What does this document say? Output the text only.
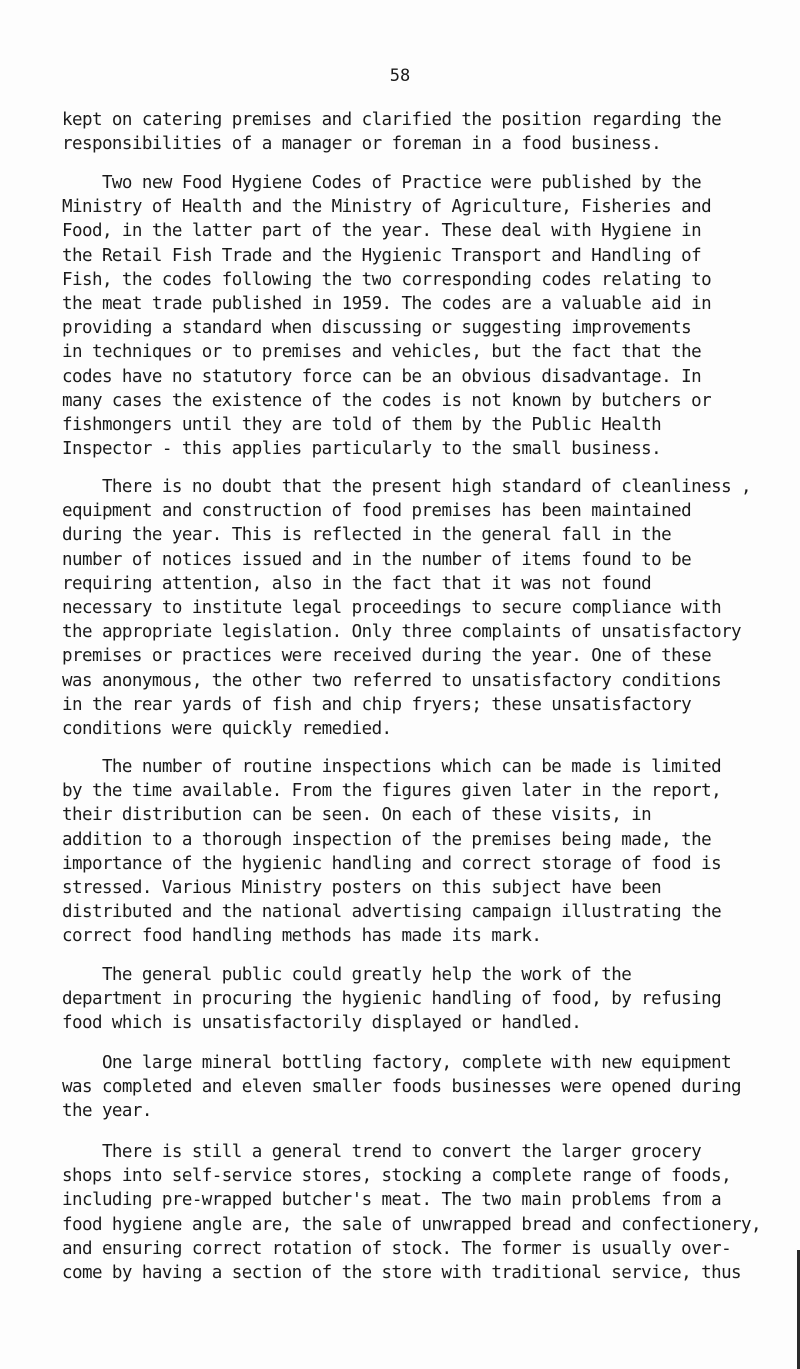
58
kept on catering premises and clarified the position regarding the
responsibilities of a manager or foreman in a food business.
Two new Food Hygiene Codes of Practice were published by the
Ministry of Health and the Ministry of Agriculture, Fisheries and
Food, in the latter part of the year. These deal with Hygiene in
the Retail Fish Trade and the Hygienic Transport and Handling of
Fish, the codes following the two corresponding codes relating to
the meat trade published in 1959. The codes are a valuable aid in
providing a standard when discussing or suggesting improvements
in techniques or to premises and vehicles, but the fact that the
codes have no statutory force can be an obvious disadvantage. In
many cases the existence of the codes is not known by butchers or
fishmongers until they are told of them by the Public Health
Inspector - this applies particularly to the small business.
There is no doubt that the present high standard of cleanliness ,
equipment and construction of food premises has been maintained
during the year. This is reflected in the general fall in the
number of notices issued and in the number of items found to be
requiring attention, also in the fact that it was not found
necessary to institute legal proceedings to secure compliance with
the appropriate legislation. Only three complaints of unsatisfactory
premises or practices were received during the year. One of these
was anonymous, the other two referred to unsatisfactory conditions
in the rear yards of fish and chip fryers; these unsatisfactory
conditions were quickly remedied.
The number of routine inspections which can be made is limited
by the time available. From the figures given later in the report,
their distribution can be seen. On each of these visits, in
addition to a thorough inspection of the premises being made, the
importance of the hygienic handling and correct storage of food is
stressed. Various Ministry posters on this subject have been
distributed and the national advertising campaign illustrating the
correct food handling methods has made its mark.
The general public could greatly help the work of the
department in procuring the hygienic handling of food, by refusing
food which is unsatisfactorily displayed or handled.
One large mineral bottling factory, complete with new equipment
was completed and eleven smaller foods businesses were opened during
the year.
There is still a general trend to convert the larger grocery
shops into self-service stores, stocking a complete range of foods,
including pre-wrapped butcher's meat. The two main problems from a
food hygiene angle are, the sale of unwrapped bread and confectionery,
and ensuring correct rotation of stock. The former is usually over-
come by having a section of the store with traditional service, thus
